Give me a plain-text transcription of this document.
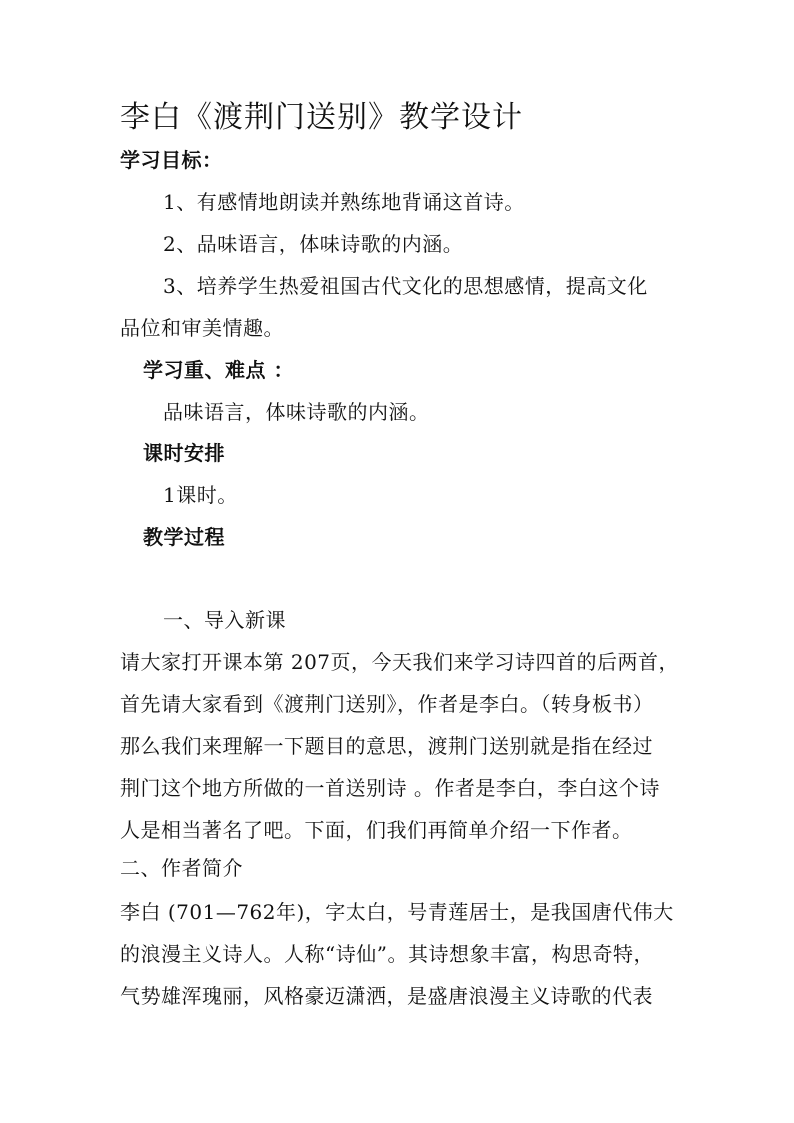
李白《渡荆门送别》教学设计
学习目标：
1、有感情地朗读并熟练地背诵这首诗。
2、品味语言，体味诗歌的内涵。
3、培养学生热爱祖国古代文化的思想感情，提高文化
品位和审美情趣。
学习重、难点 ：
品味语言，体味诗歌的内涵。
课时安排
1课时。
教学过程
一、导入新课
请大家打开课本第 207页，今天我们来学习诗四首的后两首，
首先请大家看到《渡荆门送别》，作者是李白。（转身板书）
那么我们来理解一下题目的意思，渡荆门送别就是指在经过
荆门这个地方所做的一首送别诗 。作者是李白，李白这个诗
人是相当著名了吧。下面，们我们再简单介绍一下作者。
二、作者简介
李白 (701—762年)，字太白，号青莲居士，是我国唐代伟大
的浪漫主义诗人。人称“诗仙”。其诗想象丰富，构思奇特，
气势雄浑瑰丽，风格豪迈潇洒，是盛唐浪漫主义诗歌的代表
